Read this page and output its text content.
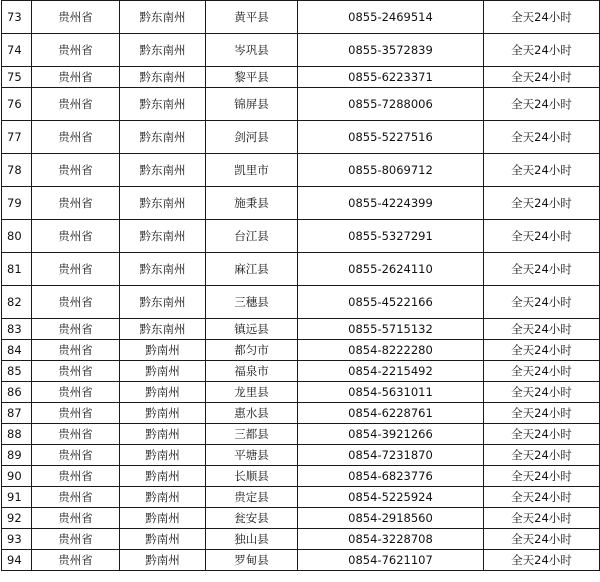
73	贵州省	黔东南州	黄平县	0855-2469514	全天24小时
74	贵州省	黔东南州	岑巩县	0855-3572839	全天24小时
75	贵州省	黔东南州	黎平县	0855-6223371	全天24小时
76	贵州省	黔东南州	锦屏县	0855-7288006	全天24小时
77	贵州省	黔东南州	剑河县	0855-5227516	全天24小时
78	贵州省	黔东南州	凯里市	0855-8069712	全天24小时
79	贵州省	黔东南州	施秉县	0855-4224399	全天24小时
80	贵州省	黔东南州	台江县	0855-5327291	全天24小时
81	贵州省	黔东南州	麻江县	0855-2624110	全天24小时
82	贵州省	黔东南州	三穗县	0855-4522166	全天24小时
83	贵州省	黔东南州	镇远县	0855-5715132	全天24小时
84	贵州省	黔南州	都匀市	0854-8222280	全天24小时
85	贵州省	黔南州	福泉市	0854-2215492	全天24小时
86	贵州省	黔南州	龙里县	0854-5631011	全天24小时
87	贵州省	黔南州	惠水县	0854-6228761	全天24小时
88	贵州省	黔南州	三都县	0854-3921266	全天24小时
89	贵州省	黔南州	平塘县	0854-7231870	全天24小时
90	贵州省	黔南州	长顺县	0854-6823776	全天24小时
91	贵州省	黔南州	贵定县	0854-5225924	全天24小时
92	贵州省	黔南州	瓮安县	0854-2918560	全天24小时
93	贵州省	黔南州	独山县	0854-3228708	全天24小时
94	贵州省	黔南州	罗甸县	0854-7621107	全天24小时
